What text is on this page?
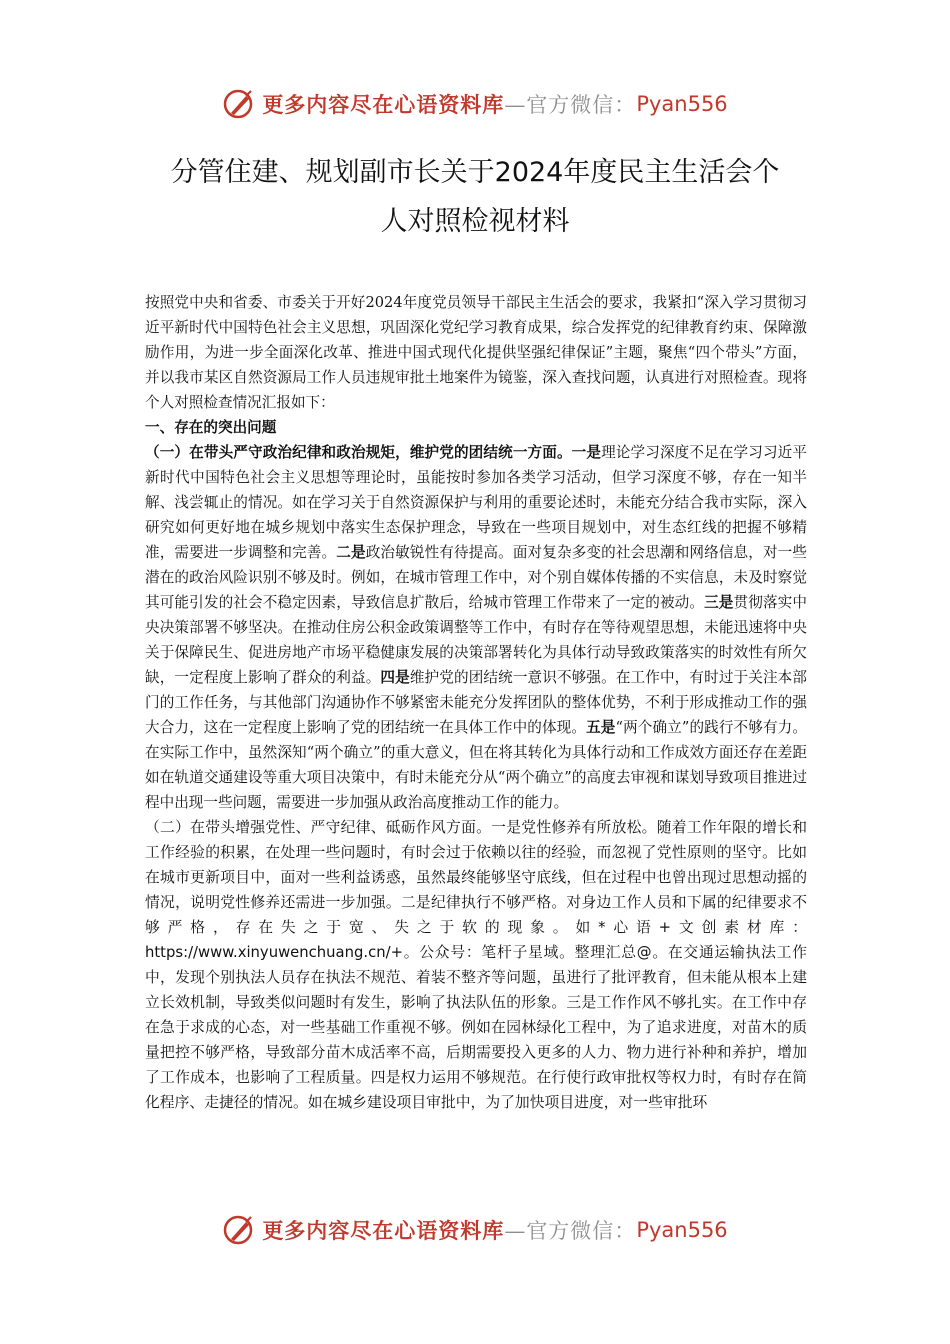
更多内容尽在心语资料库 —官方微信： Pyan556
分管住建、规划副市长关于2024年度民主生活会个
人对照检视材料

按照党中央和省委、市委关于开好2024年度党员领导干部民主生活会的要求，我紧扣“深入学习贯彻习近平新时代中国特色社会主义思想，巩固深化党纪学习教育成果，综合发挥党的纪律教育约束、保障激励作用，为进一步全面深化改革、推进中国式现代化提供坚强纪律保证”主题，聚焦“四个带头”方面，并以我市某区自然资源局工作人员违规审批土地案件为镜鉴，深入查找问题，认真进行对照检查。现将个人对照检查情况汇报如下：

一、存在的突出问题

（一）在带头严守政治纪律和政治规矩，维护党的团结统一方面。一是理论学习深度不足在学习习近平新时代中国特色社会主义思想等理论时，虽能按时参加各类学习活动，但学习深度不够，存在一知半解、浅尝辄止的情况。如在学习关于自然资源保护与利用的重要论述时，未能充分结合我市实际，深入研究如何更好地在城乡规划中落实生态保护理念，导致在一些项目规划中，对生态红线的把握不够精准，需要进一步调整和完善。二是政治敏锐性有待提高。面对复杂多变的社会思潮和网络信息，对一些潜在的政治风险识别不够及时。例如，在城市管理工作中，对个别自媒体传播的不实信息，未及时察觉其可能引发的社会不稳定因素，导致信息扩散后，给城市管理工作带来了一定的被动。三是贯彻落实中央决策部署不够坚决。在推动住房公积金政策调整等工作中，有时存在等待观望思想，未能迅速将中央关于保障民生、促进房地产市场平稳健康发展的决策部署转化为具体行动导致政策落实的时效性有所欠缺，一定程度上影响了群众的利益。四是维护党的团结统一意识不够强。在工作中，有时过于关注本部门的工作任务，与其他部门沟通协作不够紧密未能充分发挥团队的整体优势，不利于形成推动工作的强大合力，这在一定程度上影响了党的团结统一在具体工作中的体现。五是“两个确立”的践行不够有力。在实际工作中，虽然深知“两个确立”的重大意义，但在将其转化为具体行动和工作成效方面还存在差距如在轨道交通建设等重大项目决策中，有时未能充分从“两个确立”的高度去审视和谋划导致项目推进过程中出现一些问题，需要进一步加强从政治高度推动工作的能力。

（二）在带头增强党性、严守纪律、砥砺作风方面。一是党性修养有所放松。随着工作年限的增长和工作经验的积累，在处理一些问题时，有时会过于依赖以往的经验，而忽视了党性原则的坚守。比如在城市更新项目中，面对一些利益诱惑，虽然最终能够坚守底线，但在过程中也曾出现过思想动摇的情况，说明党性修养还需进一步加强。二是纪律执行不够严格。对身边工作人员和下属的纪律要求不够严格，存在失之于宽、失之于软的现象。如*心语+文创素材库：https://www.xinyuwenchuang.cn/+。公众号：笔杆子星域。整理汇总@。在交通运输执法工作中，发现个别执法人员存在执法不规范、着装不整齐等问题，虽进行了批评教育，但未能从根本上建立长效机制，导致类似问题时有发生，影响了执法队伍的形象。三是工作作风不够扎实。在工作中存在急于求成的心态，对一些基础工作重视不够。例如在园林绿化工程中，为了追求进度，对苗木的质量把控不够严格，导致部分苗木成活率不高，后期需要投入更多的人力、物力进行补种和养护，增加了工作成本，也影响了工程质量。四是权力运用不够规范。在行使行政审批权等权力时，有时存在简化程序、走捷径的情况。如在城乡建设项目审批中，为了加快项目进度，对一些审批环

更多内容尽在心语资料库 —官方微信： Pyan556
